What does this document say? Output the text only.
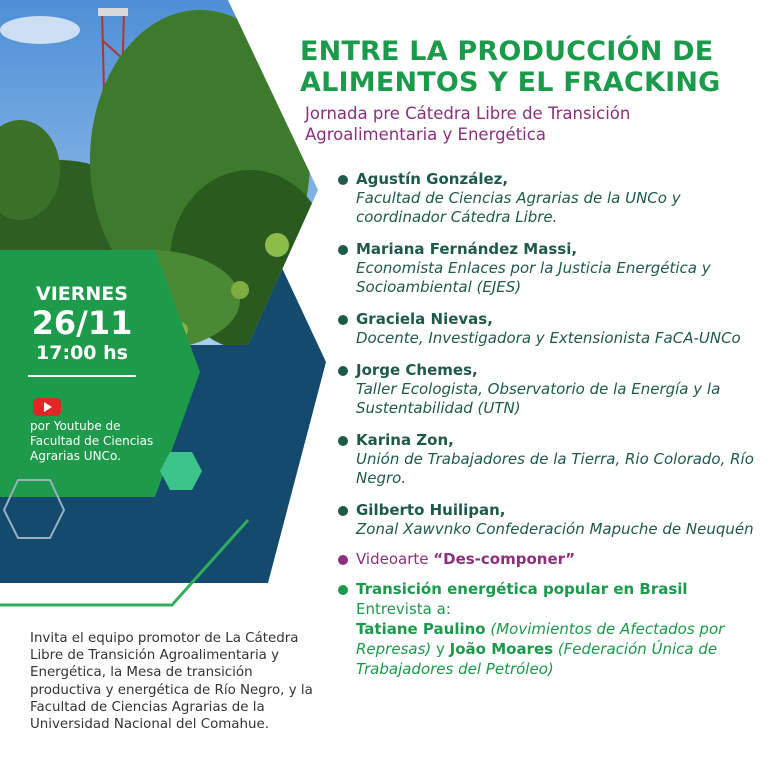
ENTRE LA PRODUCCIÓN DE ALIMENTOS Y EL FRACKING
Jornada pre Cátedra Libre de Transición Agroalimentaria y Energética
VIERNES
26/11
17:00 hs
por Youtube de Facultad de Ciencias Agrarias UNCo.
Agustín González,
Facultad de Ciencias Agrarias de la UNCo y coordinador Cátedra Libre.
Mariana Fernández Massi,
Economista Enlaces por la Justicia Energética y Socioambiental (EJES)
Graciela Nievas,
Docente, Investigadora y Extensionista FaCA-UNCo
Jorge Chemes,
Taller Ecologista, Observatorio de la Energía y la Sustentabilidad (UTN)
Karina Zon,
Unión de Trabajadores de la Tierra, Rio Colorado, Río Negro.
Gilberto Huilipan,
Zonal Xawvnko Confederación Mapuche de Neuquén
Videoarte “Des-componer”
Transición energética popular en Brasil
Entrevista a:
Tatiane Paulino (Movimientos de Afectados por Represas) y João Moares (Federación Única de Trabajadores del Petróleo)
Invita el equipo promotor de La Cátedra Libre de Transición Agroalimentaria y Energética, la Mesa de transición productiva y energética de Río Negro, y la Facultad de Ciencias Agrarias de la Universidad Nacional del Comahue.
